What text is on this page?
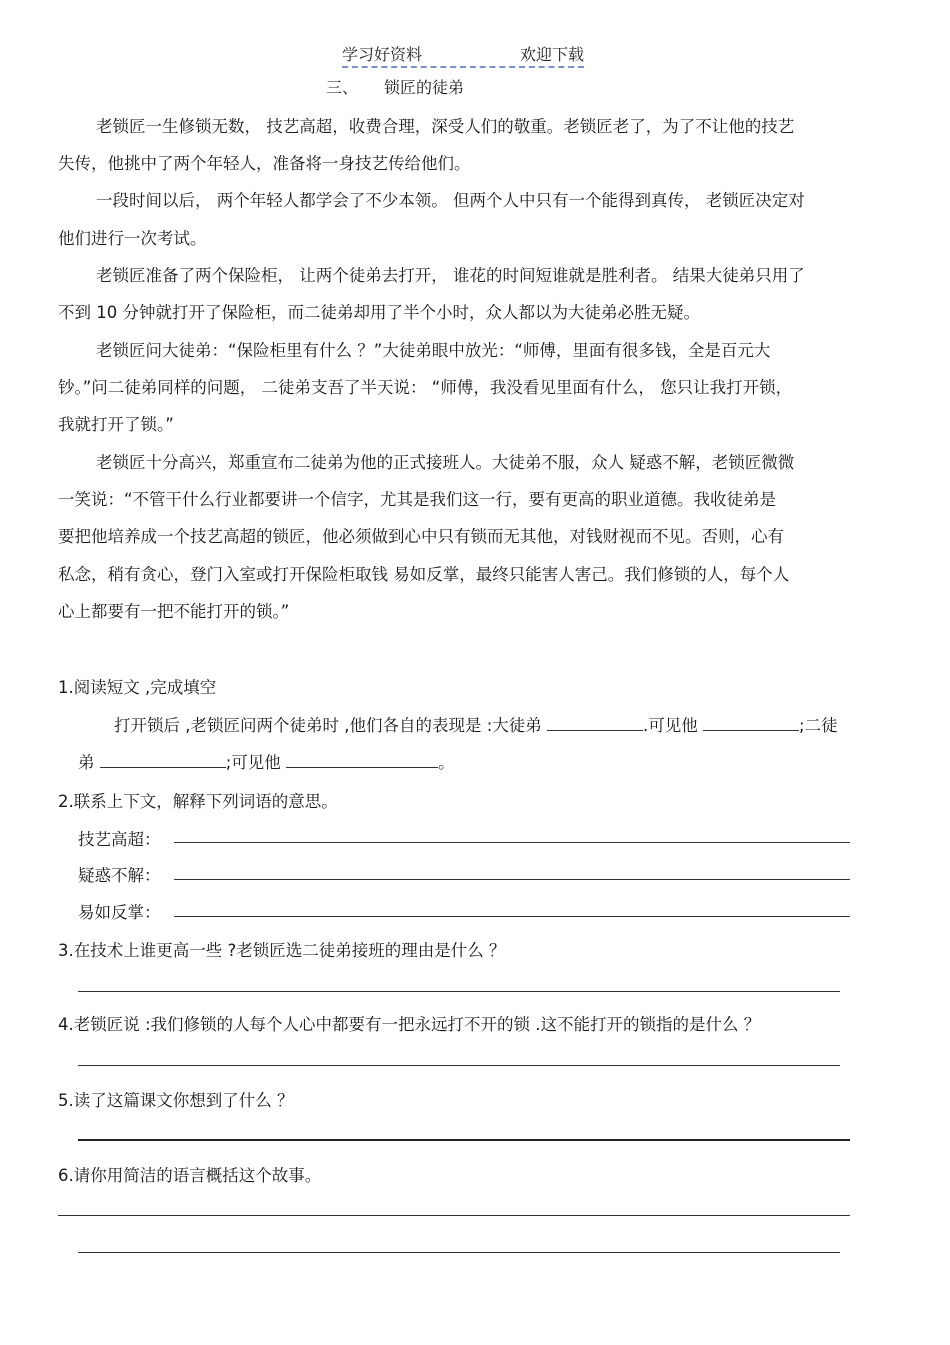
学习好资料	欢迎下载
三、 锁匠的徒弟
老锁匠一生修锁无数， 技艺高超，收费合理，深受人们的敬重。老锁匠老了，为了不让他的技艺
失传，他挑中了两个年轻人，准备将一身技艺传给他们。
一段时间以后， 两个年轻人都学会了不少本领。 但两个人中只有一个能得到真传， 老锁匠决定对
他们进行一次考试。
老锁匠准备了两个保险柜， 让两个徒弟去打开， 谁花的时间短谁就是胜利者。 结果大徒弟只用了
不到 10 分钟就打开了保险柜，而二徒弟却用了半个小时，众人都以为大徒弟必胜无疑。
老锁匠问大徒弟：“保险柜里有什么 ？”大徒弟眼中放光：“师傅，里面有很多钱，全是百元大
钞。”问二徒弟同样的问题， 二徒弟支吾了半天说： “师傅，我没看见里面有什么， 您只让我打开锁，
我就打开了锁。”
老锁匠十分高兴，郑重宣布二徒弟为他的正式接班人。大徒弟不服，众人 疑惑不解，老锁匠微微
一笑说：“不管干什么行业都要讲一个信字，尤其是我们这一行，要有更高的职业道德。我收徒弟是
要把他培养成一个技艺高超的锁匠，他必须做到心中只有锁而无其他，对钱财视而不见。否则，心有
私念，稍有贪心，登门入室或打开保险柜取钱 易如反掌，最终只能害人害己。我们修锁的人，每个人
心上都要有一把不能打开的锁。”
1.阅读短文 ,完成填空
打开锁后 ,老锁匠问两个徒弟时 ,他们各自的表现是 :大徒弟	.可见他	;二徒
弟	;可见他	。
2.联系上下文，解释下列词语的意思。
技艺高超：
疑惑不解：
易如反掌：
3.在技术上谁更高一些 ?老锁匠选二徒弟接班的理由是什么 ？
4.老锁匠说 :我们修锁的人每个人心中都要有一把永远打不开的锁 .这不能打开的锁指的是什么 ？
5.读了这篇课文你想到了什么 ？
6.请你用简洁的语言概括这个故事。
